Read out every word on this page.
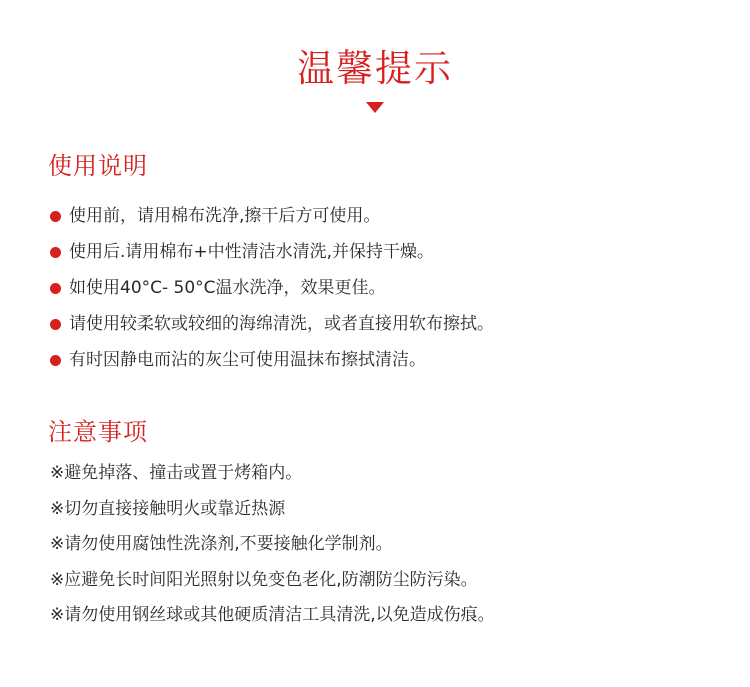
温馨提示
使用说明
使用前，请用棉布洗净,擦干后方可使用。
使用后.请用棉布+中性清洁水清洗,并保持干燥。
如使用40°C- 50°C温水洗净，效果更佳。
请使用较柔软或较细的海绵清洗，或者直接用软布擦拭。
有时因静电而沾的灰尘可使用温抹布擦拭清洁。
注意事项
※ 避免掉落、撞击或置于烤箱内。
※ 切勿直接接触明火或靠近热源
※ 请勿使用腐蚀性洗涤剂,不要接触化学制剂。
※ 应避免长时间阳光照射以免变色老化,防潮防尘防污染。
※ 请勿使用钢丝球或其他硬质清洁工具清洗,以免造成伤痕。
